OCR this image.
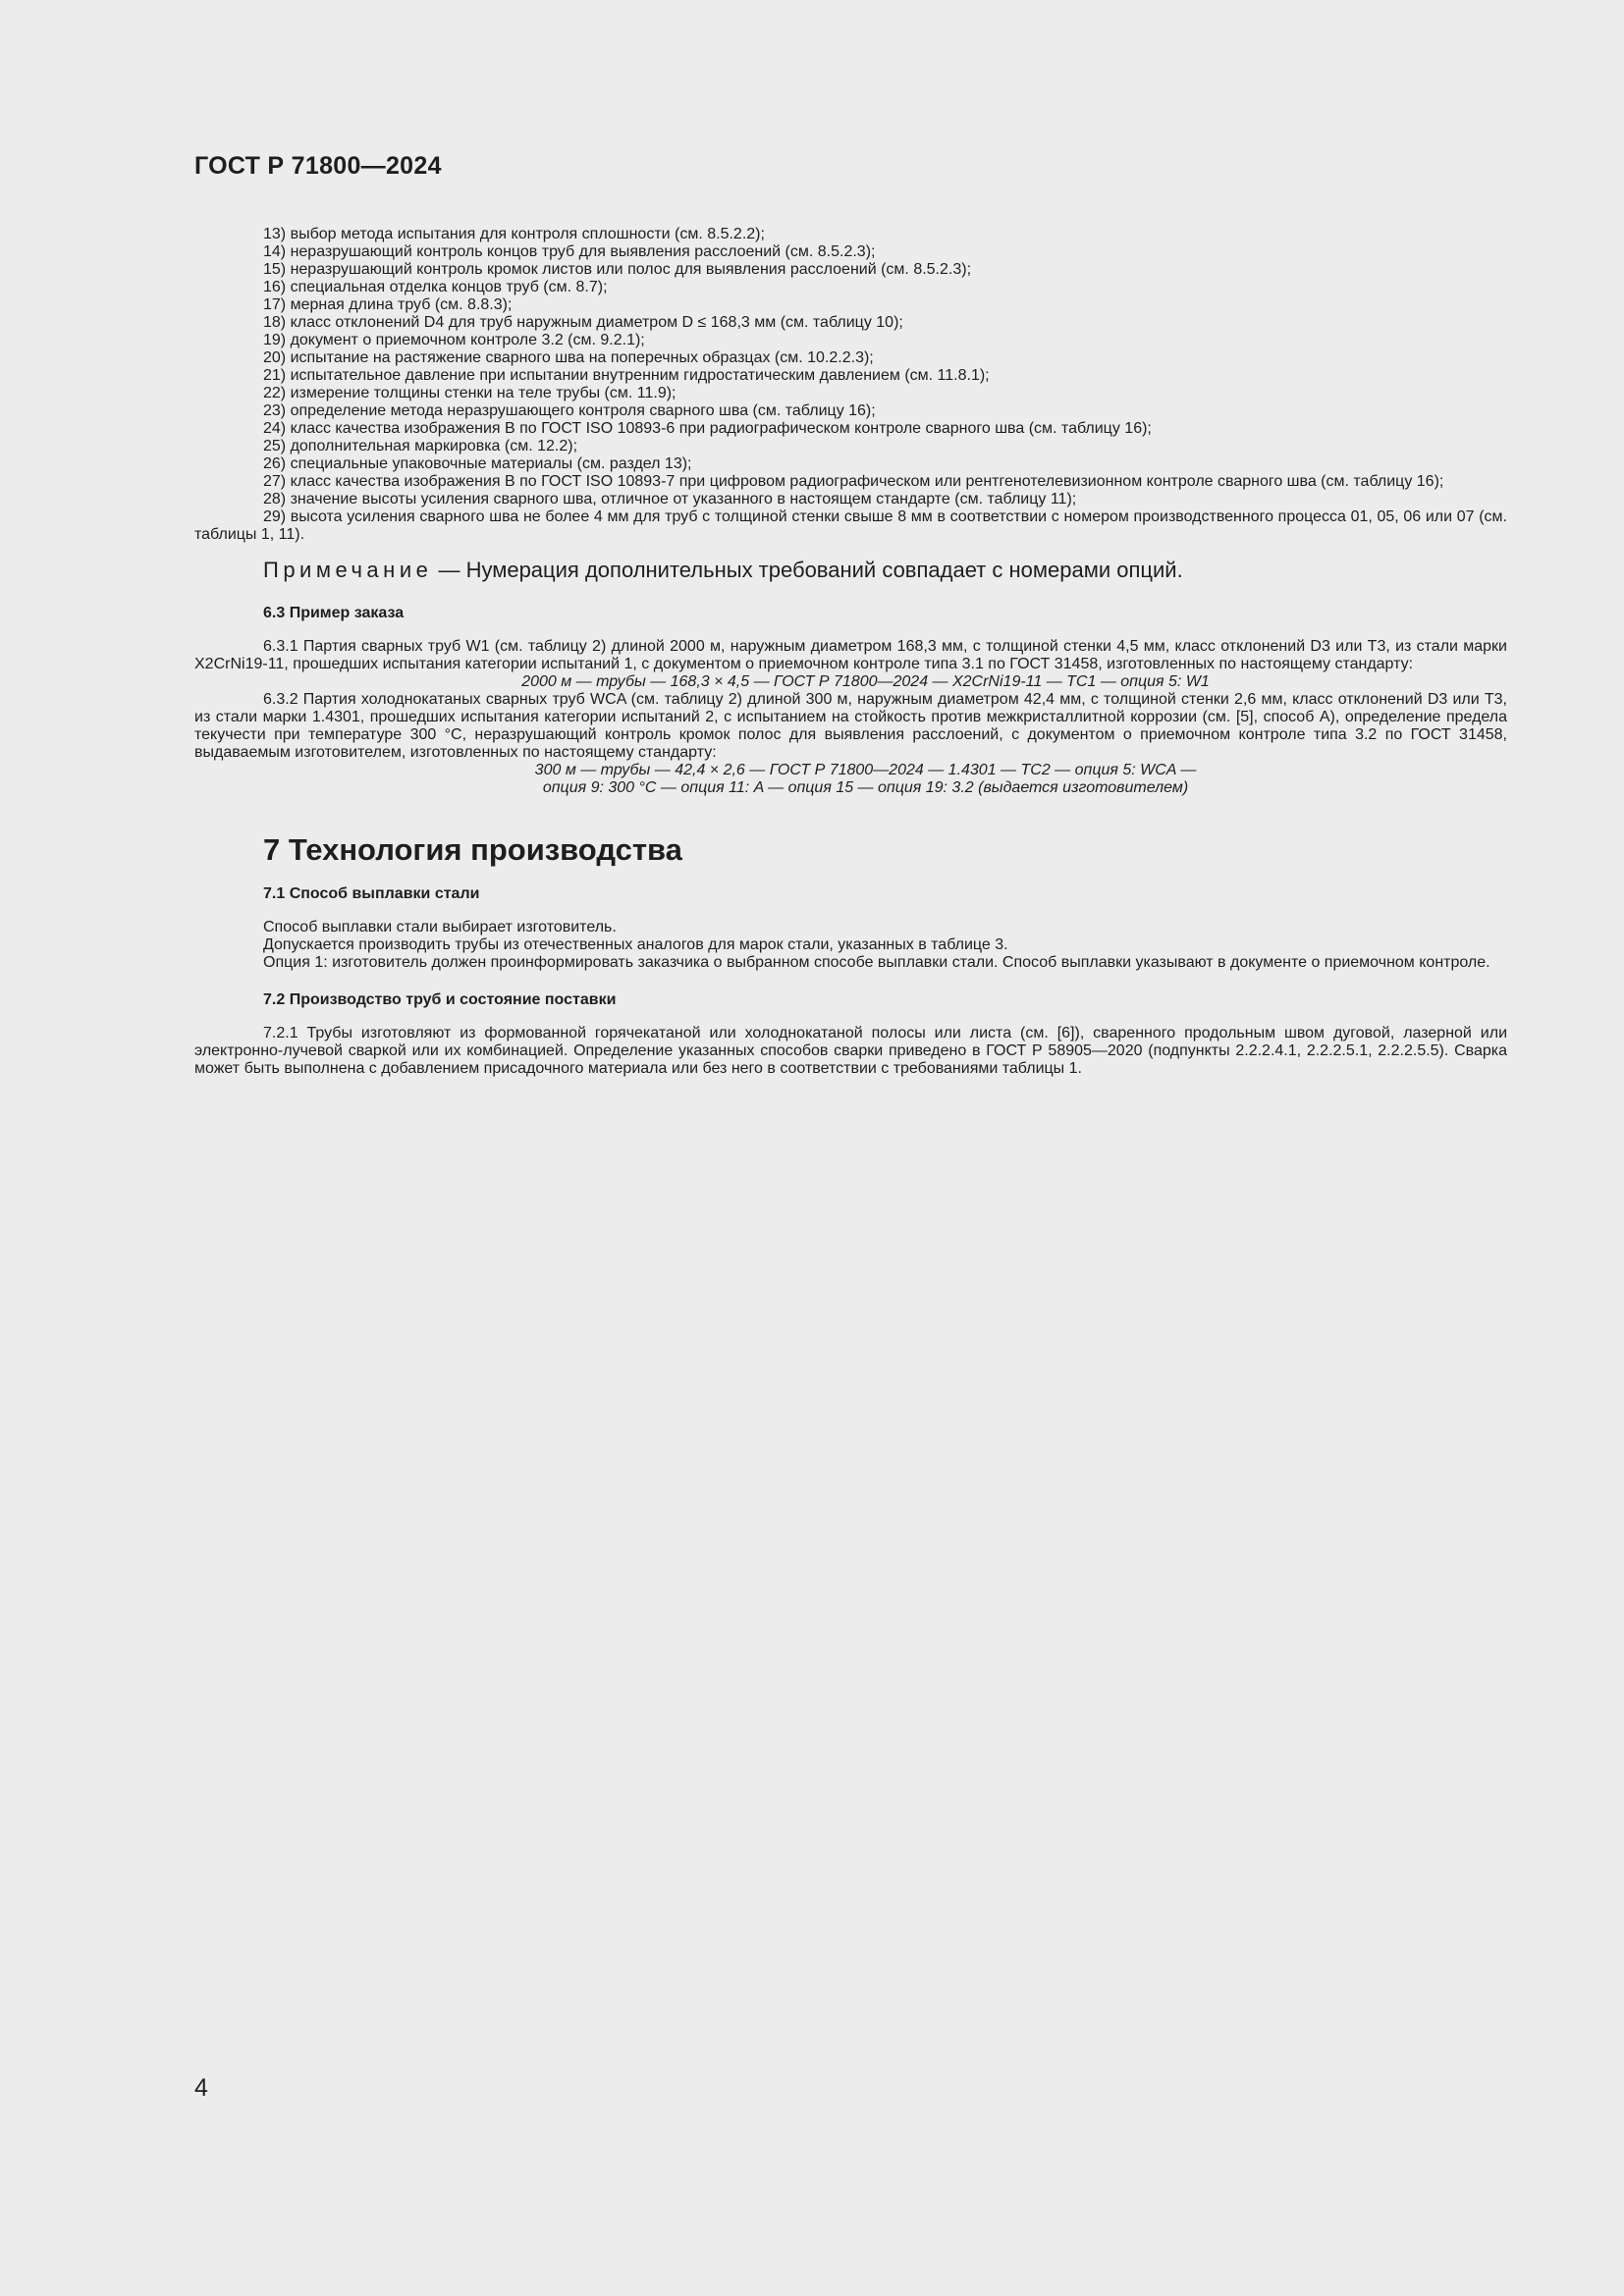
ГОСТ Р 71800—2024

13) выбор метода испытания для контроля сплошности (см. 8.5.2.2);

14) неразрушающий контроль концов труб для выявления расслоений (см. 8.5.2.3);

15) неразрушающий контроль кромок листов или полос для выявления расслоений (см. 8.5.2.3);

16) специальная отделка концов труб (см. 8.7);

17) мерная длина труб (см. 8.8.3);

18) класс отклонений D4 для труб наружным диаметром D ≤ 168,3 мм (см. таблицу 10);

19) документ о приемочном контроле 3.2 (см. 9.2.1);

20) испытание на растяжение сварного шва на поперечных образцах (см. 10.2.2.3);

21) испытательное давление при испытании внутренним гидростатическим давлением (см. 11.8.1);

22) измерение толщины стенки на теле трубы (см. 11.9);

23) определение метода неразрушающего контроля сварного шва (см. таблицу 16);

24) класс качества изображения B по ГОСТ ISO 10893-6 при радиографическом контроле сварного шва (см. таблицу 16);

25) дополнительная маркировка (см. 12.2);

26) специальные упаковочные материалы (см. раздел 13);

27) класс качества изображения B по ГОСТ ISO 10893-7 при цифровом радиографическом или рентгенотелевизионном контроле сварного шва (см. таблицу 16);

28) значение высоты усиления сварного шва, отличное от указанного в настоящем стандарте (см. таблицу 11);

29) высота усиления сварного шва не более 4 мм для труб с толщиной стенки свыше 8 мм в соответствии с номером производственного процесса 01, 05, 06 или 07 (см. таблицы 1, 11).

Примечание — Нумерация дополнительных требований совпадает с номерами опций.

6.3 Пример заказа

6.3.1 Партия сварных труб W1 (см. таблицу 2) длиной 2000 м, наружным диаметром 168,3 мм, с толщиной стенки 4,5 мм, класс отклонений D3 или T3, из стали марки X2CrNi19-11, прошедших испытания категории испытаний 1, с документом о приемочном контроле типа 3.1 по ГОСТ 31458, изготовленных по настоящему стандарту:

2000 м — трубы — 168,3 × 4,5 — ГОСТ Р 71800—2024 — X2CrNi19-11 — TC1 — опция 5: W1

6.3.2 Партия холоднокатаных сварных труб WCA (см. таблицу 2) длиной 300 м, наружным диаметром 42,4 мм, с толщиной стенки 2,6 мм, класс отклонений D3 или T3, из стали марки 1.4301, прошедших испытания категории испытаний 2, с испытанием на стойкость против межкристаллитной коррозии (см. [5], способ А), определение предела текучести при температуре 300 °C, неразрушающий контроль кромок полос для выявления расслоений, с документом о приемочном контроле типа 3.2 по ГОСТ 31458, выдаваемым изготовителем, изготовленных по настоящему стандарту:

300 м — трубы — 42,4 × 2,6 — ГОСТ Р 71800—2024 — 1.4301 — TC2 — опция 5: WCA —

опция 9: 300 °C — опция 11: A — опция 15 — опция 19: 3.2 (выдается изготовителем)

7 Технология производства

7.1 Способ выплавки стали

Способ выплавки стали выбирает изготовитель.

Допускается производить трубы из отечественных аналогов для марок стали, указанных в таблице 3.

Опция 1: изготовитель должен проинформировать заказчика о выбранном способе выплавки стали. Способ выплавки указывают в документе о приемочном контроле.

7.2 Производство труб и состояние поставки

7.2.1 Трубы изготовляют из формованной горячекатаной или холоднокатаной полосы или листа (см. [6]), сваренного продольным швом дуговой, лазерной или электронно-лучевой сваркой или их комбинацией. Определение указанных способов сварки приведено в ГОСТ Р 58905—2020 (подпункты 2.2.2.4.1, 2.2.2.5.1, 2.2.2.5.5). Сварка может быть выполнена с добавлением присадочного материала или без него в соответствии с требованиями таблицы 1.

4
